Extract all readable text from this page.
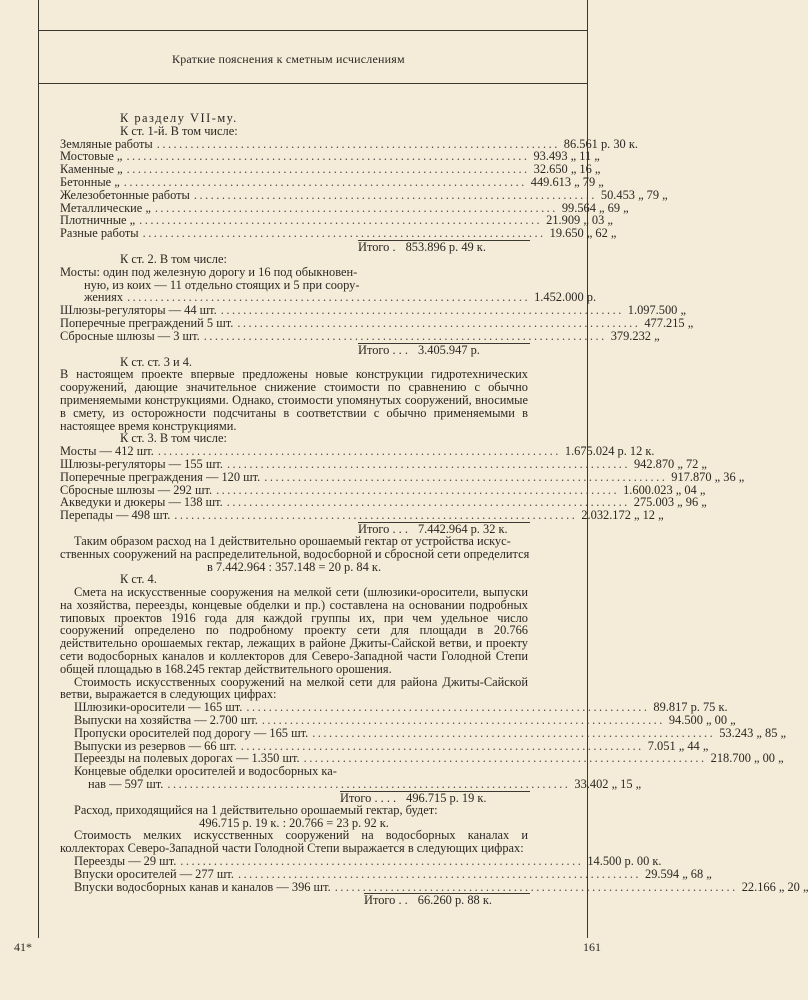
Краткие пояснения к сметным исчислениям
К разделу VII-му.
К ст. 1-й. В том числе:
Земляные работы ........................................................................ 86.561 р. 30 к.
Мостовые „ ........................................................................ 93.493 „ 11 „
Каменные „ ........................................................................ 32.650 „ 16 „
Бетонные „ ........................................................................ 449.613 „ 79 „
Железобетонные работы ........................................................................ 50.453 „ 79 „
Металлические „ ........................................................................ 99.564 „ 69 „
Плотничные „ ........................................................................ 21.909 „ 03 „
Разные работы ........................................................................ 19.650 „ 62 „
Итого . 853.896 р. 49 к.
К ст. 2. В том числе:
Мосты: один под железную дорогу и 16 под обыкновен-
ную, из коих — 11 отдельно стоящих и 5 при соору-
жениях ........................................................................ 1.452.000 р.
Шлюзы-регуляторы — 44 шт. ........................................................................ 1.097.500 „
Поперечные преграждений 5 шт. ........................................................................ 477.215 „
Сбросные шлюзы — 3 шт. ........................................................................ 379.232 „
Итого . . . 3.405.947 р.
К ст. ст. 3 и 4.
В настоящем проекте впервые предложены новые конструкции гидротехнических сооружений, дающие значительное снижение стоимости по сравнению с обычно применяемыми конструкциями. Однако, стоимости упомянутых сооружений, вносимые в смету, из осторожности подсчитаны в соответствии с обычно применяемыми в настоящее время конструкциями.
К ст. 3. В том числе:
Мосты — 412 шт. ........................................................................ 1.675.024 р. 12 к.
Шлюзы-регуляторы — 155 шт. ........................................................................ 942.870 „ 72 „
Поперечные преграждения — 120 шт. ........................................................................ 917.870 „ 36 „
Сбросные шлюзы — 292 шт. ........................................................................ 1.600.023 „ 04 „
Акведуки и дюкеры — 138 шт. ........................................................................ 275.003 „ 96 „
Перепады — 498 шт. ........................................................................ 2.032.172 „ 12 „
Итого . . . 7.442.964 р. 32 к.
Таким образом расход на 1 действительно орошаемый гектар от устройства искус-
ственных сооружений на распределительной, водосборной и сбросной сети определится
в 7.442.964 : 357.148 = 20 р. 84 к.
К ст. 4.
Смета на искусственные сооружения на мелкой сети (шлюзики-оросители, выпуски на хозяйства, переезды, концевые обделки и пр.) составлена на основании подробных типовых проектов 1916 года для каждой группы их, при чем удельное число сооружений определено по подробному проекту сети для площади в 20.766 действительно орошаемых гектар, лежащих в районе Джиты-Сайской ветви, и проекту сети водосборных каналов и коллекторов для Северо-Западной части Голодной Степи общей площадью в 168.245 гектар действительного орошения.
Стоимость искусственных сооружений на мелкой сети для района Джиты-Сайской ветви, выражается в следующих цифрах:
Шлюзики-оросители — 165 шт. ........................................................................ 89.817 р. 75 к.
Выпуски на хозяйства — 2.700 шт. ........................................................................ 94.500 „ 00 „
Пропуски оросителей под дорогу — 165 шт. ........................................................................ 53.243 „ 85 „
Выпуски из резервов — 66 шт. ........................................................................ 7.051 „ 44 „
Переезды на полевых дорогах — 1.350 шт. ........................................................................ 218.700 „ 00 „
Концевые обделки оросителей и водосборных ка-
нав — 597 шт. ........................................................................ 33.402 „ 15 „
Итого . . . . 496.715 р. 19 к.
Расход, приходящийся на 1 действительно орошаемый гектар, будет:
496.715 р. 19 к. : 20.766 = 23 р. 92 к.
Стоимость мелких искусственных сооружений на водосборных каналах и коллекторах Северо-Западной части Голодной Степи выражается в следующих цифрах:
Переезды — 29 шт. ........................................................................ 14.500 р. 00 к.
Впуски оросителей — 277 шт. ........................................................................ 29.594 „ 68 „
Впуски водосборных канав и каналов — 396 шт. ........................................................................ 22.166 „ 20 „
Итого . . 66.260 р. 88 к.
41*	161
